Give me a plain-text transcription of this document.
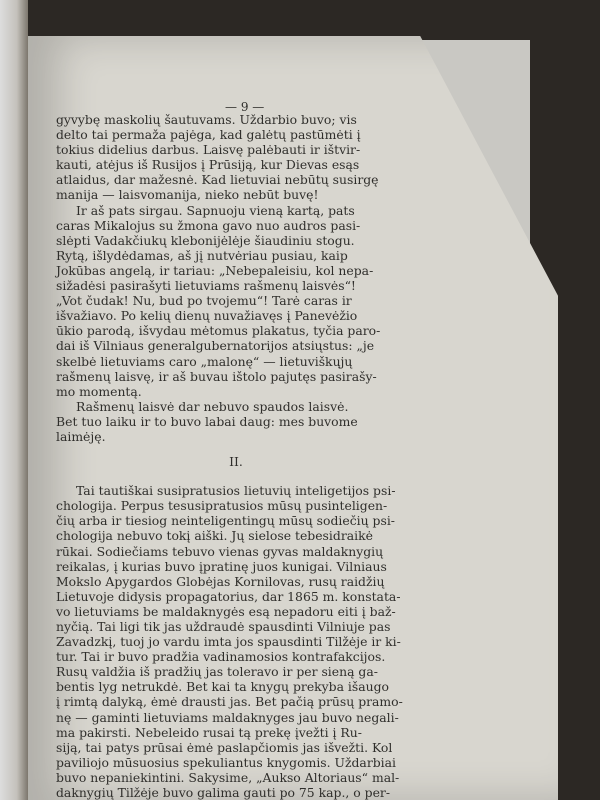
— 9 —
gyvybę maskolių šautuvams. Uždarbio buvo; vis
delto tai permaža pajėga, kad galėtų pastūmėti į
tokius didelius darbus. Laisvę palėbauti ir ištvir-
kauti, atėjus iš Rusijos į Prūsiją, kur Dievas esąs
atlaidus, dar mažesnė. Kad lietuviai nebūtų susirgę
manija — laisvomanija, nieko nebūt buvę!
Ir aš pats sirgau. Sapnuoju vieną kartą, pats
caras Mikalojus su žmona gavo nuo audros pasi-
slėpti Vadakčiukų klebonijėlėje šiaudiniu stogu.
Rytą, išlydėdamas, aš jį nutvėriau pusiau, kaip
Jokūbas angelą, ir tariau: „Nebepaleisiu, kol nepa-
sižadėsi pasirašyti lietuviams rašmenų laisvės“!
„Vot čudak! Nu, bud po tvojemu“! Tarė caras ir
išvažiavo. Po kelių dienų nuvažiavęs į Panevėžio
ūkio parodą, išvydau mėtomus plakatus, tyčia paro-
dai iš Vilniaus generalgubernatorijos atsiųstus: „je
skelbė lietuviams caro „malonę“ — lietuviškųjų
rašmenų laisvę, ir aš buvau ištolo pajutęs pasirašy-
mo momentą.
Rašmenų laisvė dar nebuvo spaudos laisvė.
Bet tuo laiku ir to buvo labai daug: mes buvome
laimėję.
II.
Tai tautiškai susipratusios lietuvių inteligetijos psi-
chologija. Perpus tesusipratusios mūsų pusinteligen-
čių arba ir tiesiog neinteligentingų mūsų sodiečių psi-
chologija nebuvo tokį aiški. Jų sielose tebesidraikė
rūkai. Sodiečiams tebuvo vienas gyvas maldaknygių
reikalas, į kurias buvo įpratinę juos kunigai. Vilniaus
Mokslo Apygardos Globėjas Kornilovas, rusų raidžių
Lietuvoje didysis propagatorius, dar 1865 m. konstata-
vo lietuviams be maldaknygės esą nepadoru eiti į baž-
nyčią. Tai ligi tik jas uždraudė spausdinti Vilniuje pas
Zavadzkį, tuoj jo vardu imta jos spausdinti Tilžėje ir ki-
tur. Tai ir buvo pradžia vadinamosios kontrafakcijos.
Rusų valdžia iš pradžių jas toleravo ir per sieną ga-
bentis lyg netrukdė. Bet kai ta knygų prekyba išaugo
į rimtą dalyką, ėmė drausti jas. Bet pačią prūsų pramo-
nę — gaminti lietuviams maldaknyges jau buvo negali-
ma pakirsti. Nebeleido rusai tą prekę įvežti į Ru-
siją, tai patys prūsai ėmė paslapčiomis jas išvežti. Kol
paviliojo mūsuosius spekuliantus knygomis. Uždarbiai
buvo nepaniekintini. Sakysime, „Aukso Altoriaus“ mal-
daknygių Tilžėje buvo galima gauti po 75 kap., o per-
